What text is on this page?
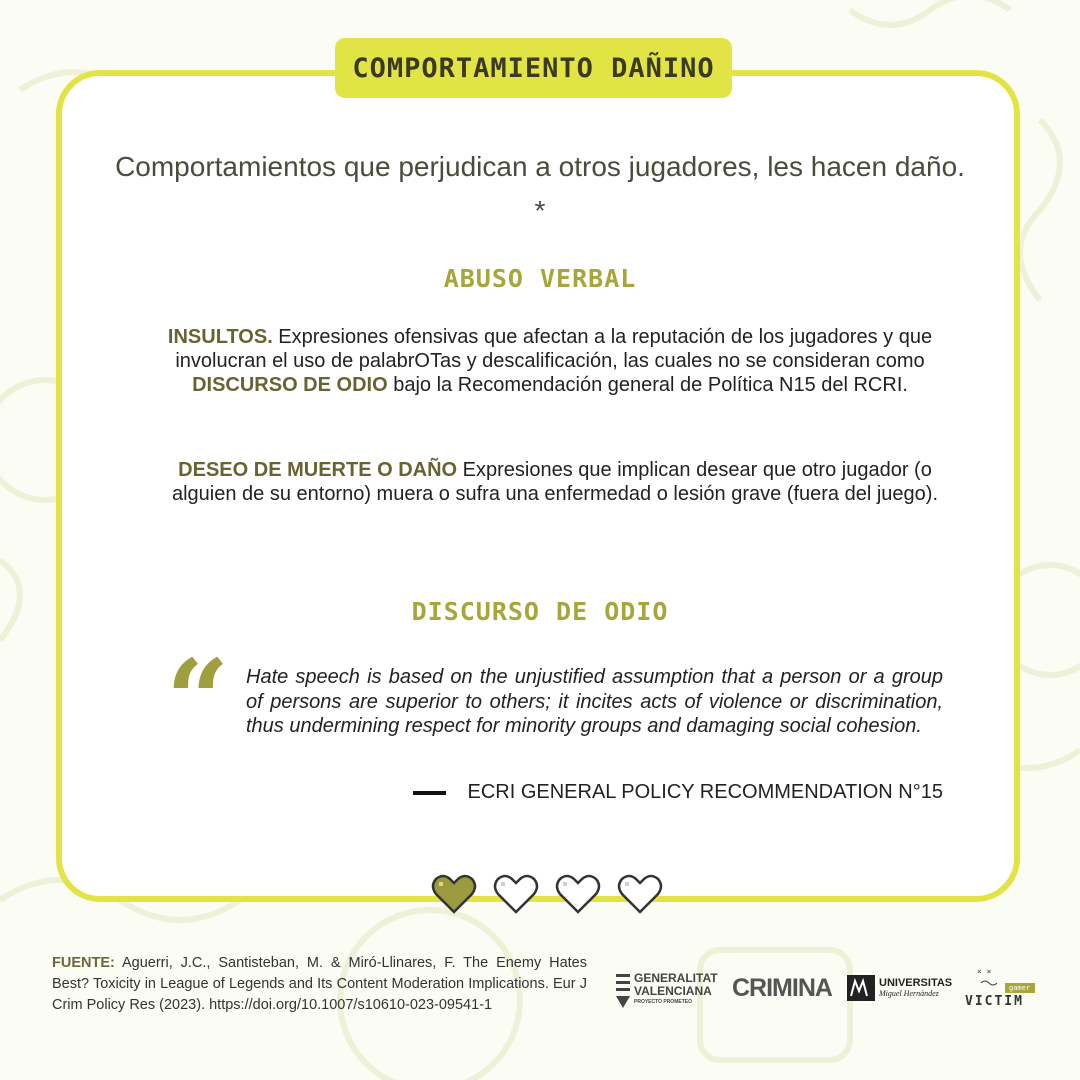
COMPORTAMIENTO DAÑINO
Comportamientos que perjudican a otros jugadores, les hacen daño. *
ABUSO VERBAL
INSULTOS. Expresiones ofensivas que afectan a la reputación de los jugadores y que involucran el uso de palabrOTas y descalificación, las cuales no se consideran como DISCURSO DE ODIO bajo la Recomendación general de Política N15 del RCRI.
DESEO DE MUERTE O DAÑO Expresiones que implican desear que otro jugador (o alguien de su entorno) muera o sufra una enfermedad o lesión grave (fuera del juego).
DISCURSO DE ODIO
“ Hate speech is based on the unjustified assumption that a person or a group of persons are superior to others; it incites acts of violence or discrimination, thus undermining respect for minority groups and damaging social cohesion.
ECRI GENERAL POLICY RECOMMENDATION N°15
FUENTE: Aguerri, J.C., Santisteban, M. & Miró-Llinares, F. The Enemy Hates Best? Toxicity in League of Legends and Its Content Moderation Implications. Eur J Crim Policy Res (2023). https://doi.org/10.1007/s10610-023-09541-1
GENERALITAT
VALENCIANA
PROYECTO PROMETEO	CRIMINA	UNIVERSITAS
Miguel Hernández
× ×
gamer
VICTIM
